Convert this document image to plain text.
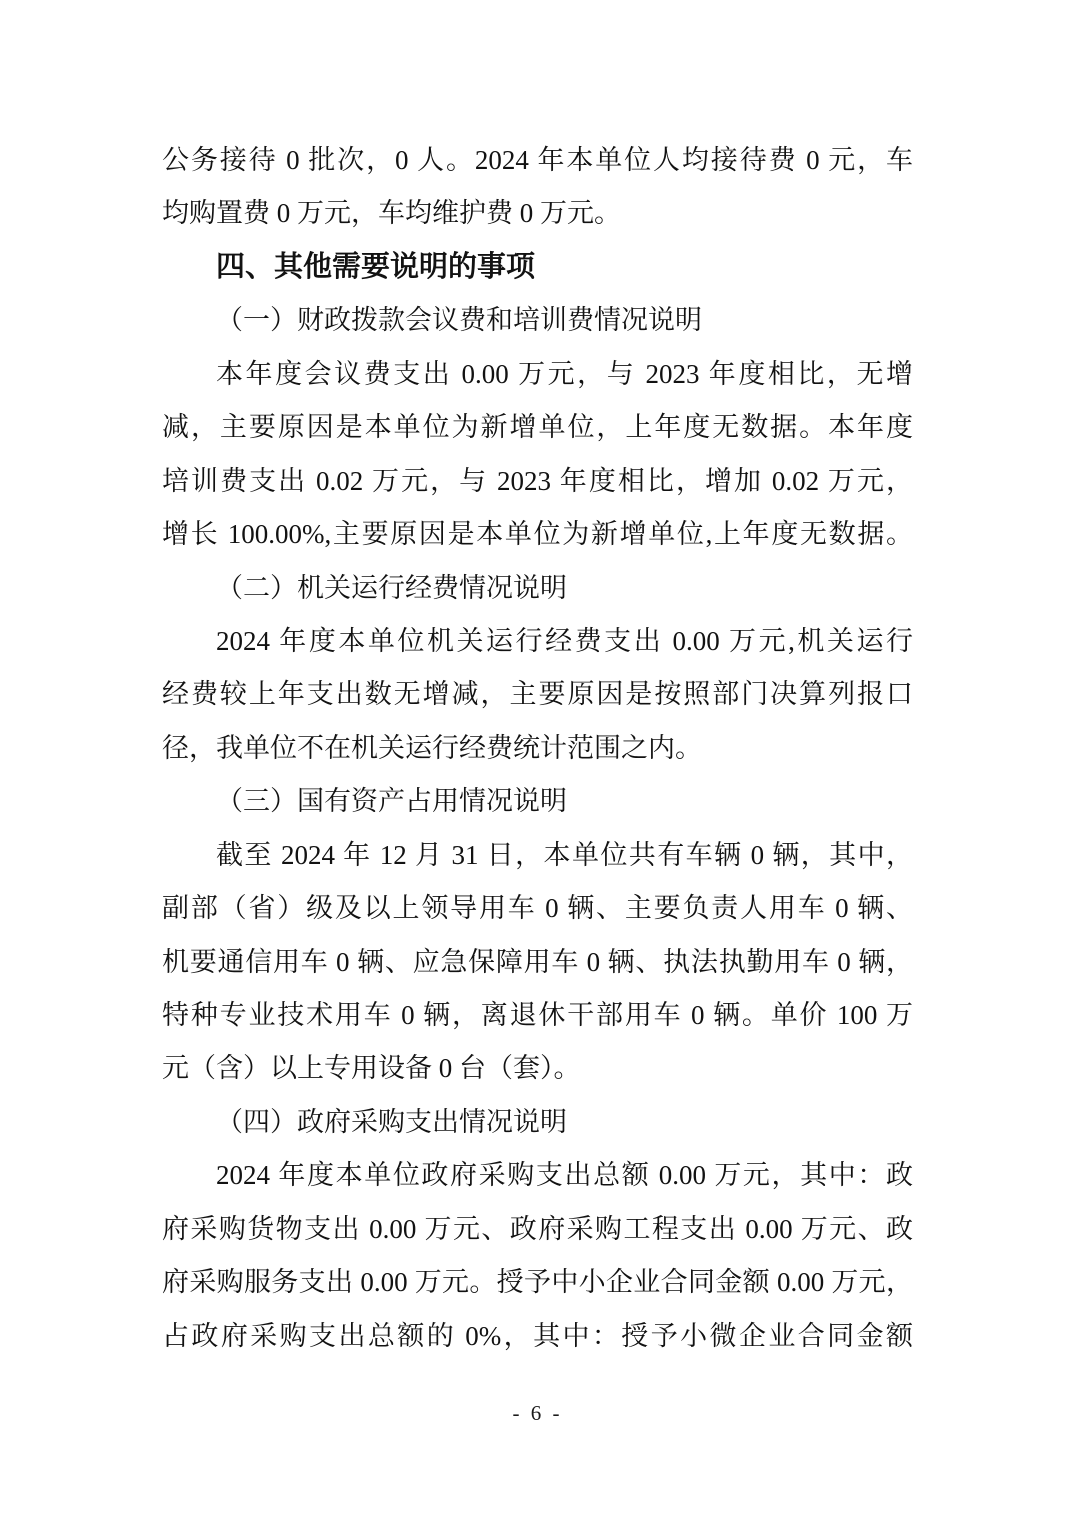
公务接待 0 批次，0 人。2024 年本单位人均接待费 0 元，车
均购置费 0 万元，车均维护费 0 万元。
四、其他需要说明的事项
（一）财政拨款会议费和培训费情况说明
本年度会议费支出 0.00 万元，与 2023 年度相比，无增
减，主要原因是本单位为新增单位，上年度无数据。本年度
培训费支出 0.02 万元，与 2023 年度相比，增加 0.02 万元，
增长 100.00%,主要原因是本单位为新增单位,上年度无数据。
（二）机关运行经费情况说明
2024 年度本单位机关运行经费支出 0.00 万元,机关运行
经费较上年支出数无增减，主要原因是按照部门决算列报口
径，我单位不在机关运行经费统计范围之内。
（三）国有资产占用情况说明
截至 2024 年 12 月 31 日，本单位共有车辆 0 辆，其中，
副部（省）级及以上领导用车 0 辆、主要负责人用车 0 辆、
机要通信用车 0 辆、应急保障用车 0 辆、执法执勤用车 0 辆，
特种专业技术用车 0 辆，离退休干部用车 0 辆。单价 100 万
元（含）以上专用设备 0 台（套）。
（四）政府采购支出情况说明
2024 年度本单位政府采购支出总额 0.00 万元，其中：政
府采购货物支出 0.00 万元、政府采购工程支出 0.00 万元、政
府采购服务支出 0.00 万元。授予中小企业合同金额 0.00 万元，
占政府采购支出总额的 0%，其中：授予小微企业合同金额
- 6 -
